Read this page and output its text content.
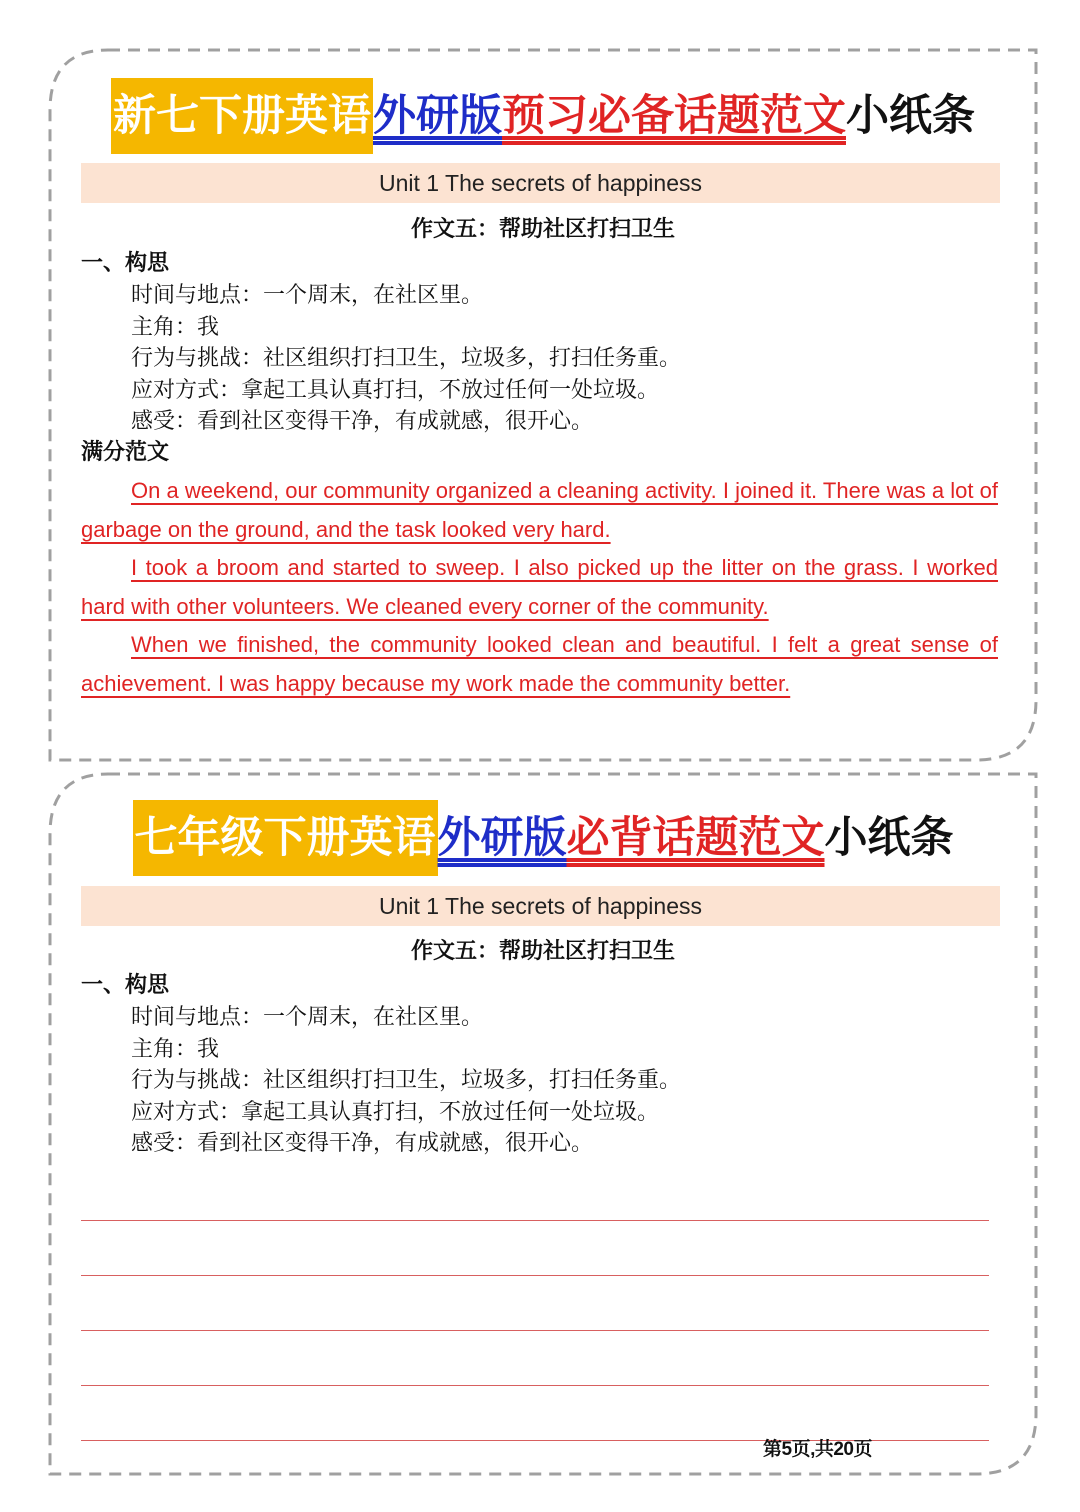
新七下册英语 外研版 预习必备话题范文 小纸条
Unit 1 The secrets of happiness
作文五：帮助社区打扫卫生
一、构思
时间与地点：一个周末，在社区里。
主角：我
行为与挑战：社区组织打扫卫生，垃圾多，打扫任务重。
应对方式：拿起工具认真打扫，不放过任何一处垃圾。
感受：看到社区变得干净，有成就感，很开心。
满分范文

On a weekend, our community organized a cleaning activity. I joined it. There was a lot of garbage on the ground, and the task looked very hard.

I took a broom and started to sweep. I also picked up the litter on the grass. I worked hard with other volunteers. We cleaned every corner of the community.

When we finished, the community looked clean and beautiful. I felt a great sense of achievement. I was happy because my work made the community better.

七年级下册英语 外研版 必背话题范文 小纸条
Unit 1 The secrets of happiness
作文五：帮助社区打扫卫生
一、构思
时间与地点：一个周末，在社区里。
主角：我
行为与挑战：社区组织打扫卫生，垃圾多，打扫任务重。
应对方式：拿起工具认真打扫，不放过任何一处垃圾。
感受：看到社区变得干净，有成就感，很开心。
第5页,共20页
